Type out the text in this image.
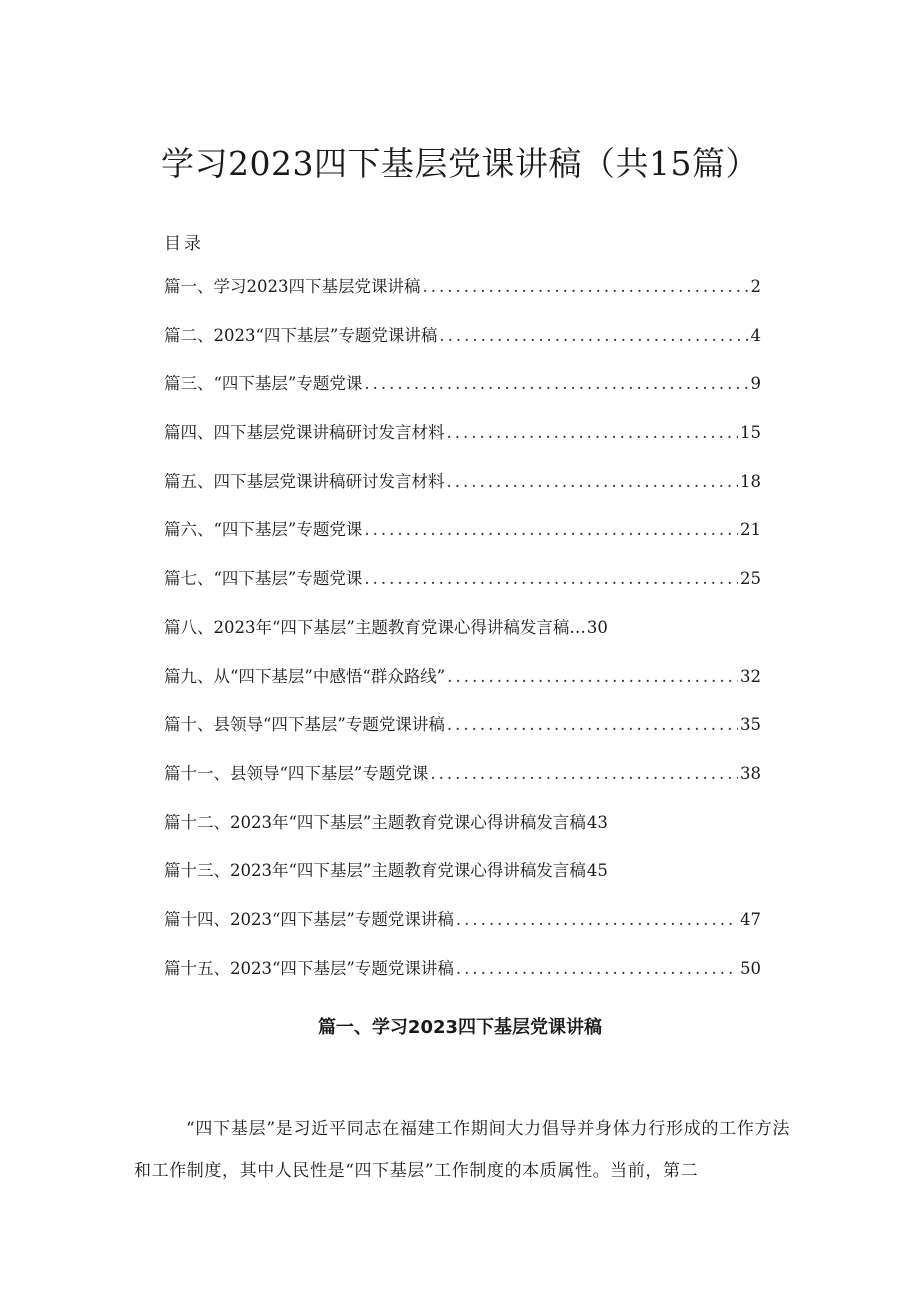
学习2023四下基层党课讲稿（共15篇）
目录
篇一、学习2023四下基层党课讲稿 .....	2
篇二、2023“四下基层”专题党课讲稿 .....	4
篇三、“四下基层”专题党课 .....	9
篇四、四下基层党课讲稿研讨发言材料 .....	15
篇五、四下基层党课讲稿研讨发言材料 .....	18
篇六、“四下基层”专题党课 .....	21
篇七、“四下基层”专题党课 .....	25
篇八、2023年“四下基层”主题教育党课心得讲稿发言稿… 30
篇九、从“四下基层”中感悟“群众路线” .....	32
篇十、县领导“四下基层”专题党课讲稿 .....	35
篇十一、县领导“四下基层”专题党课 .....	38
篇十二、2023年“四下基层”主题教育党课心得讲稿发言稿 43
篇十三、2023年“四下基层”主题教育党课心得讲稿发言稿 45
篇十四、2023“四下基层”专题党课讲稿 .....	47
篇十五、2023“四下基层”专题党课讲稿 .....	50
篇一、学习2023四下基层党课讲稿

“四下基层”是习近平同志在福建工作期间大力倡导并身体力行形成的工作方法和工作制度，其中人民性是“四下基层”工作制度的本质属性。当前，第二
